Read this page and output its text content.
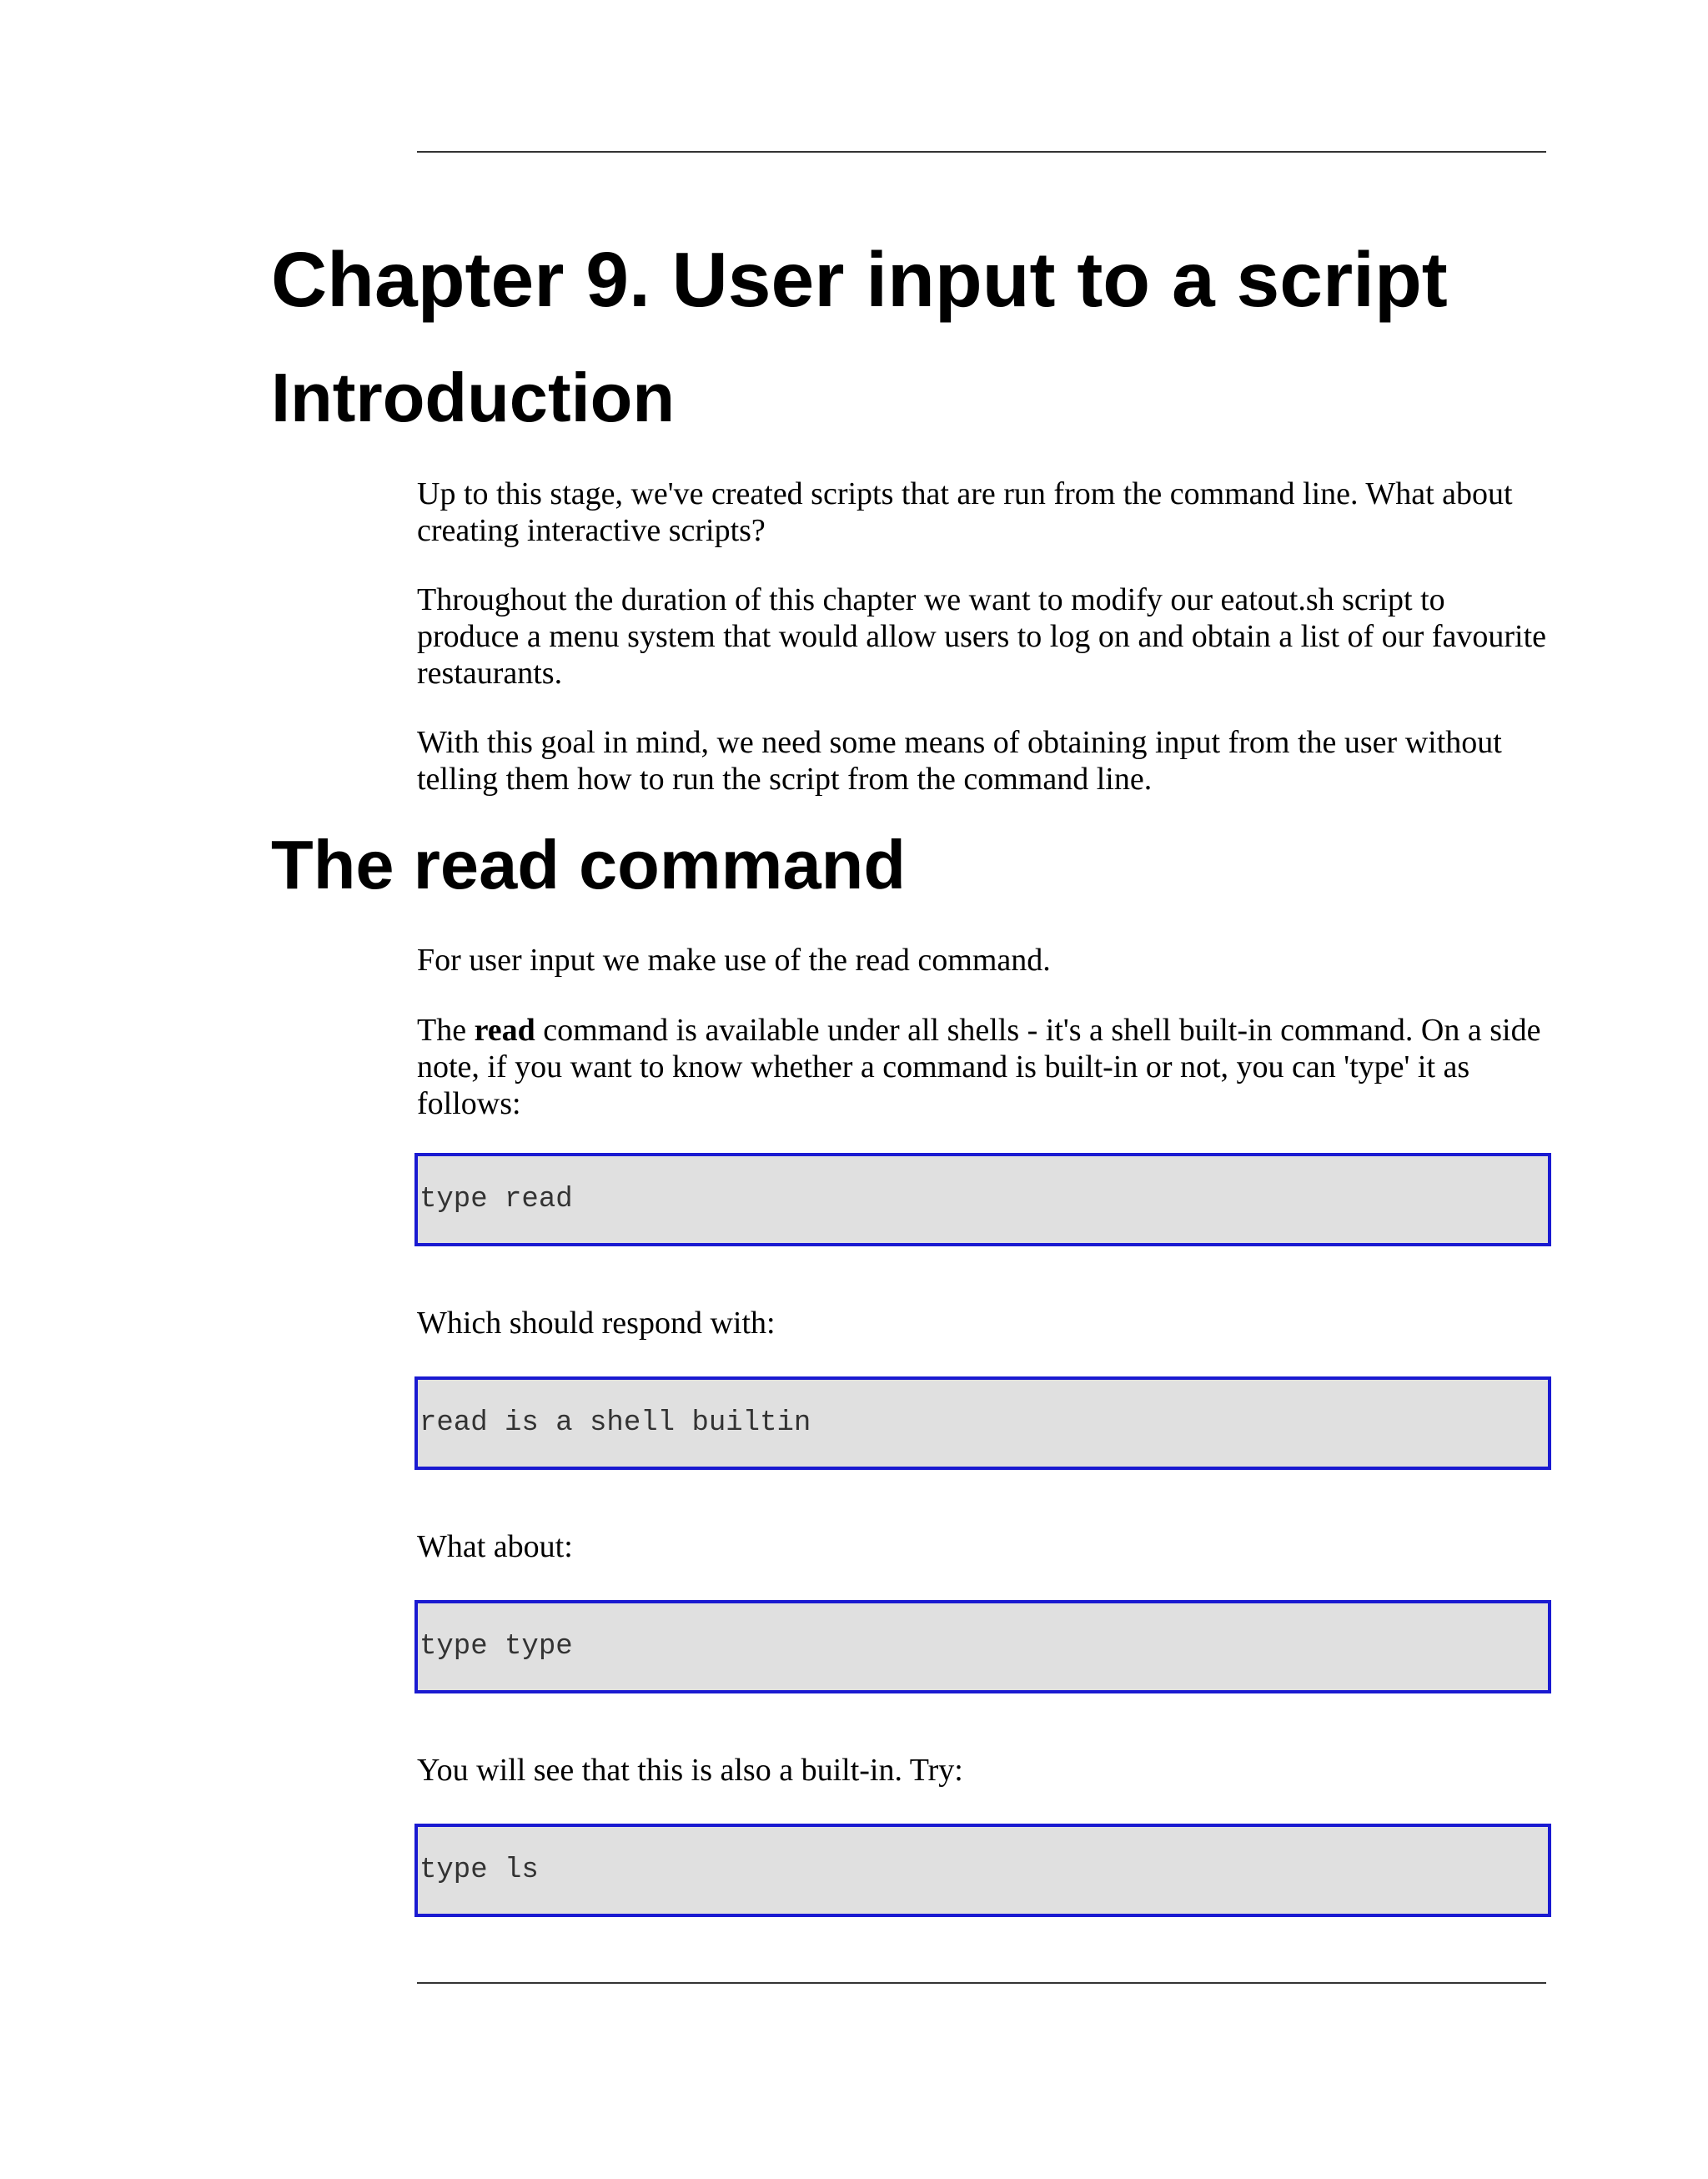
Chapter 9. User input to a script
Introduction

Up to this stage, we've created scripts that are run from the command line. What about creating interactive scripts?

Throughout the duration of this chapter we want to modify our eatout.sh script to produce a menu system that would allow users to log on and obtain a list of our favourite restaurants.

With this goal in mind, we need some means of obtaining input from the user without telling them how to run the script from the command line.

The read command

For user input we make use of the read command.

The read command is available under all shells - it's a shell built-in command. On a side note, if you want to know whether a command is built-in or not, you can 'type' it as follows:

type read

Which should respond with:

read is a shell builtin

What about:

type type

You will see that this is also a built-in. Try:

type ls
